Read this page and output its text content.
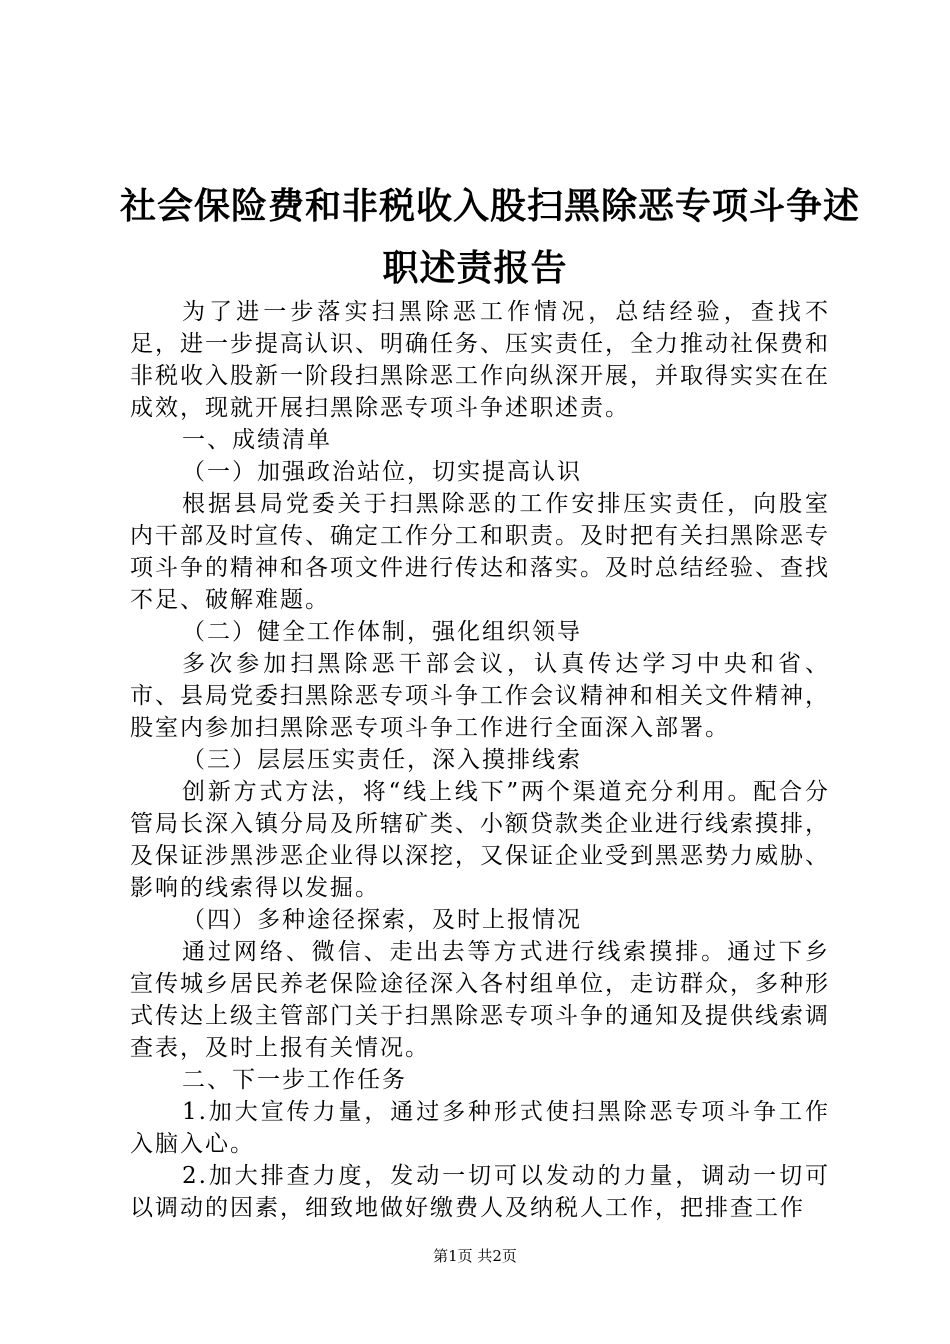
社会保险费和非税收入股扫黑除恶专项斗争述
职述责报告

为了进一步落实扫黑除恶工作情况，总结经验，查找不足，进一步提高认识、明确任务、压实责任，全力推动社保费和非税收入股新一阶段扫黑除恶工作向纵深开展，并取得实实在在成效，现就开展扫黑除恶专项斗争述职述责。

一、成绩清单

（一）加强政治站位，切实提高认识

根据县局党委关于扫黑除恶的工作安排压实责任，向股室内干部及时宣传、确定工作分工和职责。及时把有关扫黑除恶专项斗争的精神和各项文件进行传达和落实。及时总结经验、查找不足、破解难题。

（二）健全工作体制，强化组织领导

多次参加扫黑除恶干部会议，认真传达学习中央和省、市、县局党委扫黑除恶专项斗争工作会议精神和相关文件精神，股室内参加扫黑除恶专项斗争工作进行全面深入部署。

（三）层层压实责任，深入摸排线索

创新方式方法，将“线上线下”两个渠道充分利用。配合分管局长深入镇分局及所辖矿类、小额贷款类企业进行线索摸排，及保证涉黑涉恶企业得以深挖，又保证企业受到黑恶势力威胁、影响的线索得以发掘。

（四）多种途径探索，及时上报情况

通过网络、微信、走出去等方式进行线索摸排。通过下乡宣传城乡居民养老保险途径深入各村组单位，走访群众，多种形式传达上级主管部门关于扫黑除恶专项斗争的通知及提供线索调查表，及时上报有关情况。

二、下一步工作任务

1.加大宣传力量，通过多种形式使扫黑除恶专项斗争工作入脑入心。

2.加大排查力度，发动一切可以发动的力量，调动一切可以调动的因素，细致地做好缴费人及纳税人工作，把排查工作

第1页 共2页
